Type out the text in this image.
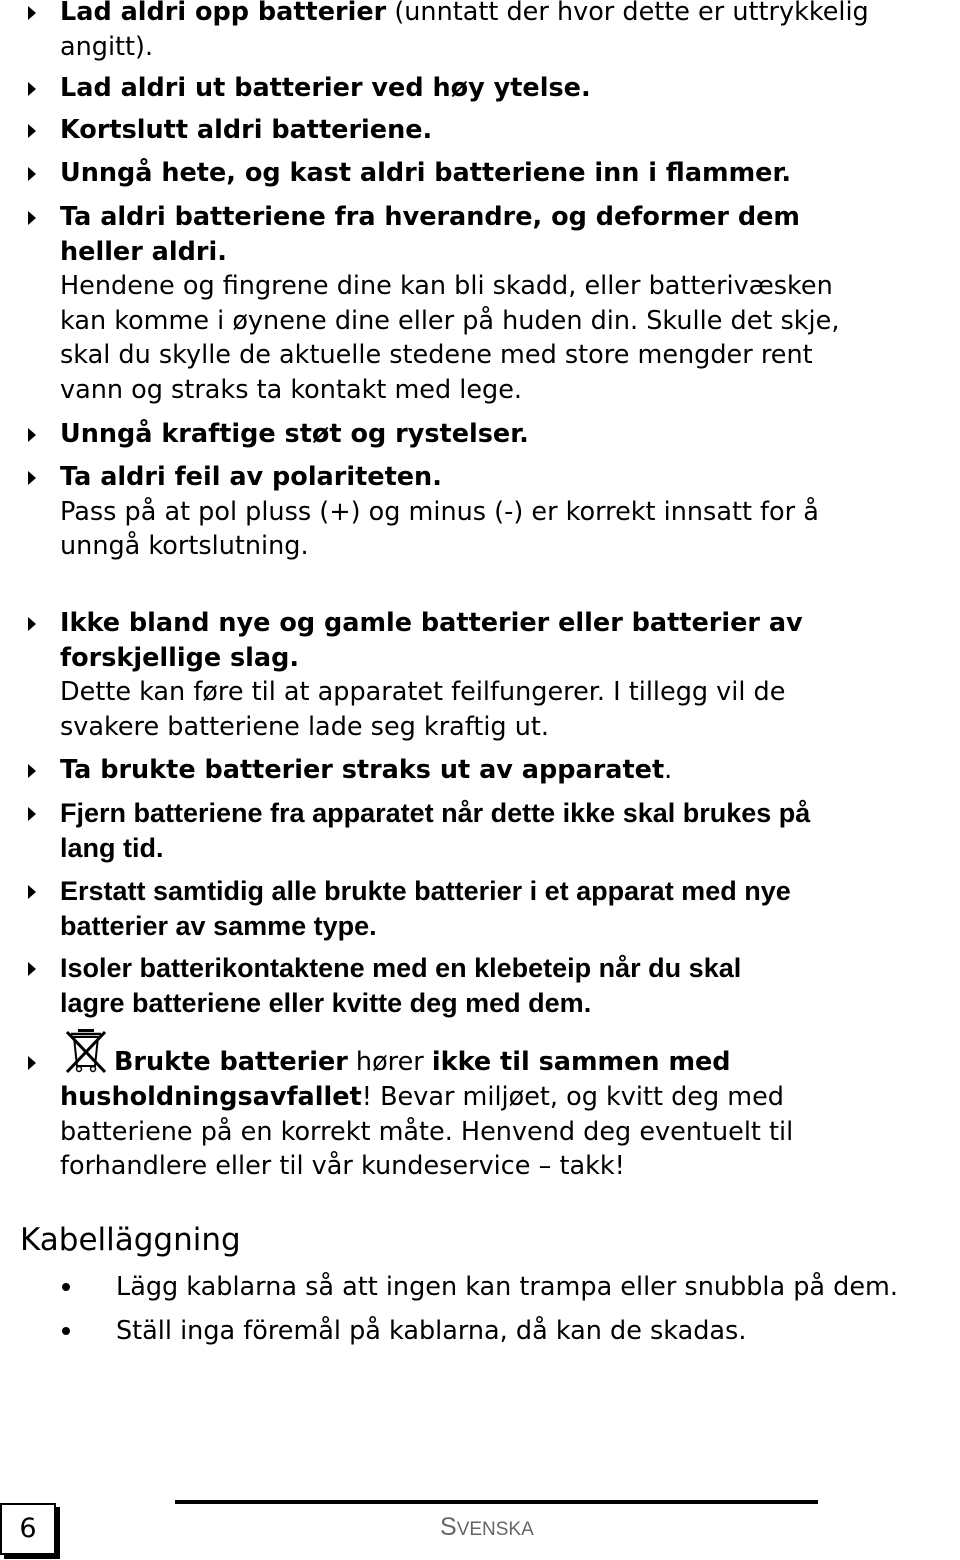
Lad aldri opp batterier (unntatt der hvor dette er uttrykkelig
angitt).
Lad aldri ut batterier ved høy ytelse.
Kortslutt aldri batteriene.
Unngå hete, og kast aldri batteriene inn i flammer.
Ta aldri batteriene fra hverandre, og deformer dem
heller aldri.
Hendene og fingrene dine kan bli skadd, eller batterivæsken
kan komme i øynene dine eller på huden din. Skulle det skje,
skal du skylle de aktuelle stedene med store mengder rent
vann og straks ta kontakt med lege.
Unngå kraftige støt og rystelser.
Ta aldri feil av polariteten.
Pass på at pol pluss (+) og minus (-) er korrekt innsatt for å
unngå kortslutning.
Ikke bland nye og gamle batterier eller batterier av
forskjellige slag.
Dette kan føre til at apparatet feilfungerer. I tillegg vil de
svakere batteriene lade seg kraftig ut.
Ta brukte batterier straks ut av apparatet.
Fjern batteriene fra apparatet når dette ikke skal brukes på
lang tid.
Erstatt samtidig alle brukte batterier i et apparat med nye
batterier av samme type.
Isoler batterikontaktene med en klebeteip når du skal
lagre batteriene eller kvitte deg med dem.
Brukte batterier hører ikke til sammen med
husholdningsavfallet! Bevar miljøet, og kvitt deg med
batteriene på en korrekt måte. Henvend deg eventuelt til
forhandlere eller til vår kundeservice – takk!
Kabelläggning
Lägg kablarna så att ingen kan trampa eller snubbla på dem.
Ställ inga föremål på kablarna, då kan de skadas.
6	SVENSKA
